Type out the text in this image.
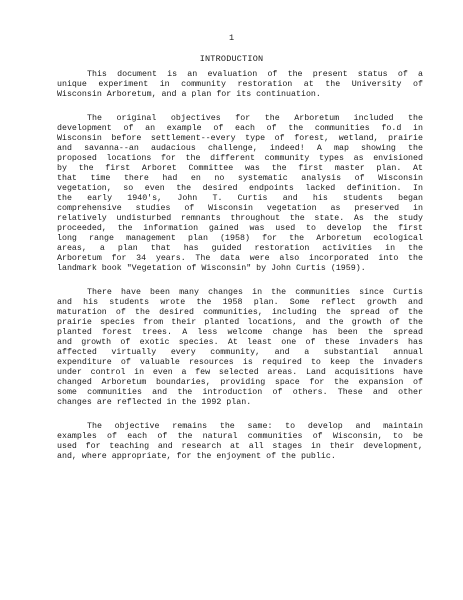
1
INTRODUCTION
This document is an evaluation of the present status of a
unique experiment in community restoration at the University of
Wisconsin Arboretum, and a plan for its continuation.
The original objectives for the Arboretum included the
development of an example of each of the communities fo.d in
Wisconsin before settlement--every type of forest, wetland, prairie
and savanna--an audacious challenge, indeed! A map showing the
proposed locations for the different community types as envisioned
by the first Arboret Committee was the first master plan. At
that time there had en no systematic analysis of Wisconsin
vegetation, so even the desired endpoints lacked definition. In
the early 1940's, John T. Curtis and his students began
comprehensive studies of Wisconsin vegetation as preserved in
relatively undisturbed remnants throughout the state. As the study
proceeded, the information gained was used to develop the first
long range management plan (1958) for the Arboretum ecological
areas, a plan that has guided restoration activities in the
Arboretum for 34 years. The data were also incorporated into the
landmark book "Vegetation of Wisconsin" by John Curtis (1959).
There have been many changes in the communities since Curtis
and his students wrote the 1958 plan. Some reflect growth and
maturation of the desired communities, including the spread of the
prairie species from their planted locations, and the growth of the
planted forest trees. A less welcome change has been the spread
and growth of exotic species. At least one of these invaders has
affected virtually every community, and a substantial annual
expenditure of valuable resources is required to keep the invaders
under control in even a few selected areas. Land acquisitions have
changed Arboretum boundaries, providing space for the expansion of
some communities and the introduction of others. These and other
changes are reflected in the 1992 plan.
The objective remains the same: to develop and maintain
examples of each of the natural communities of Wisconsin, to be
used for teaching and research at all stages in their development,
and, where appropriate, for the enjoyment of the public.
